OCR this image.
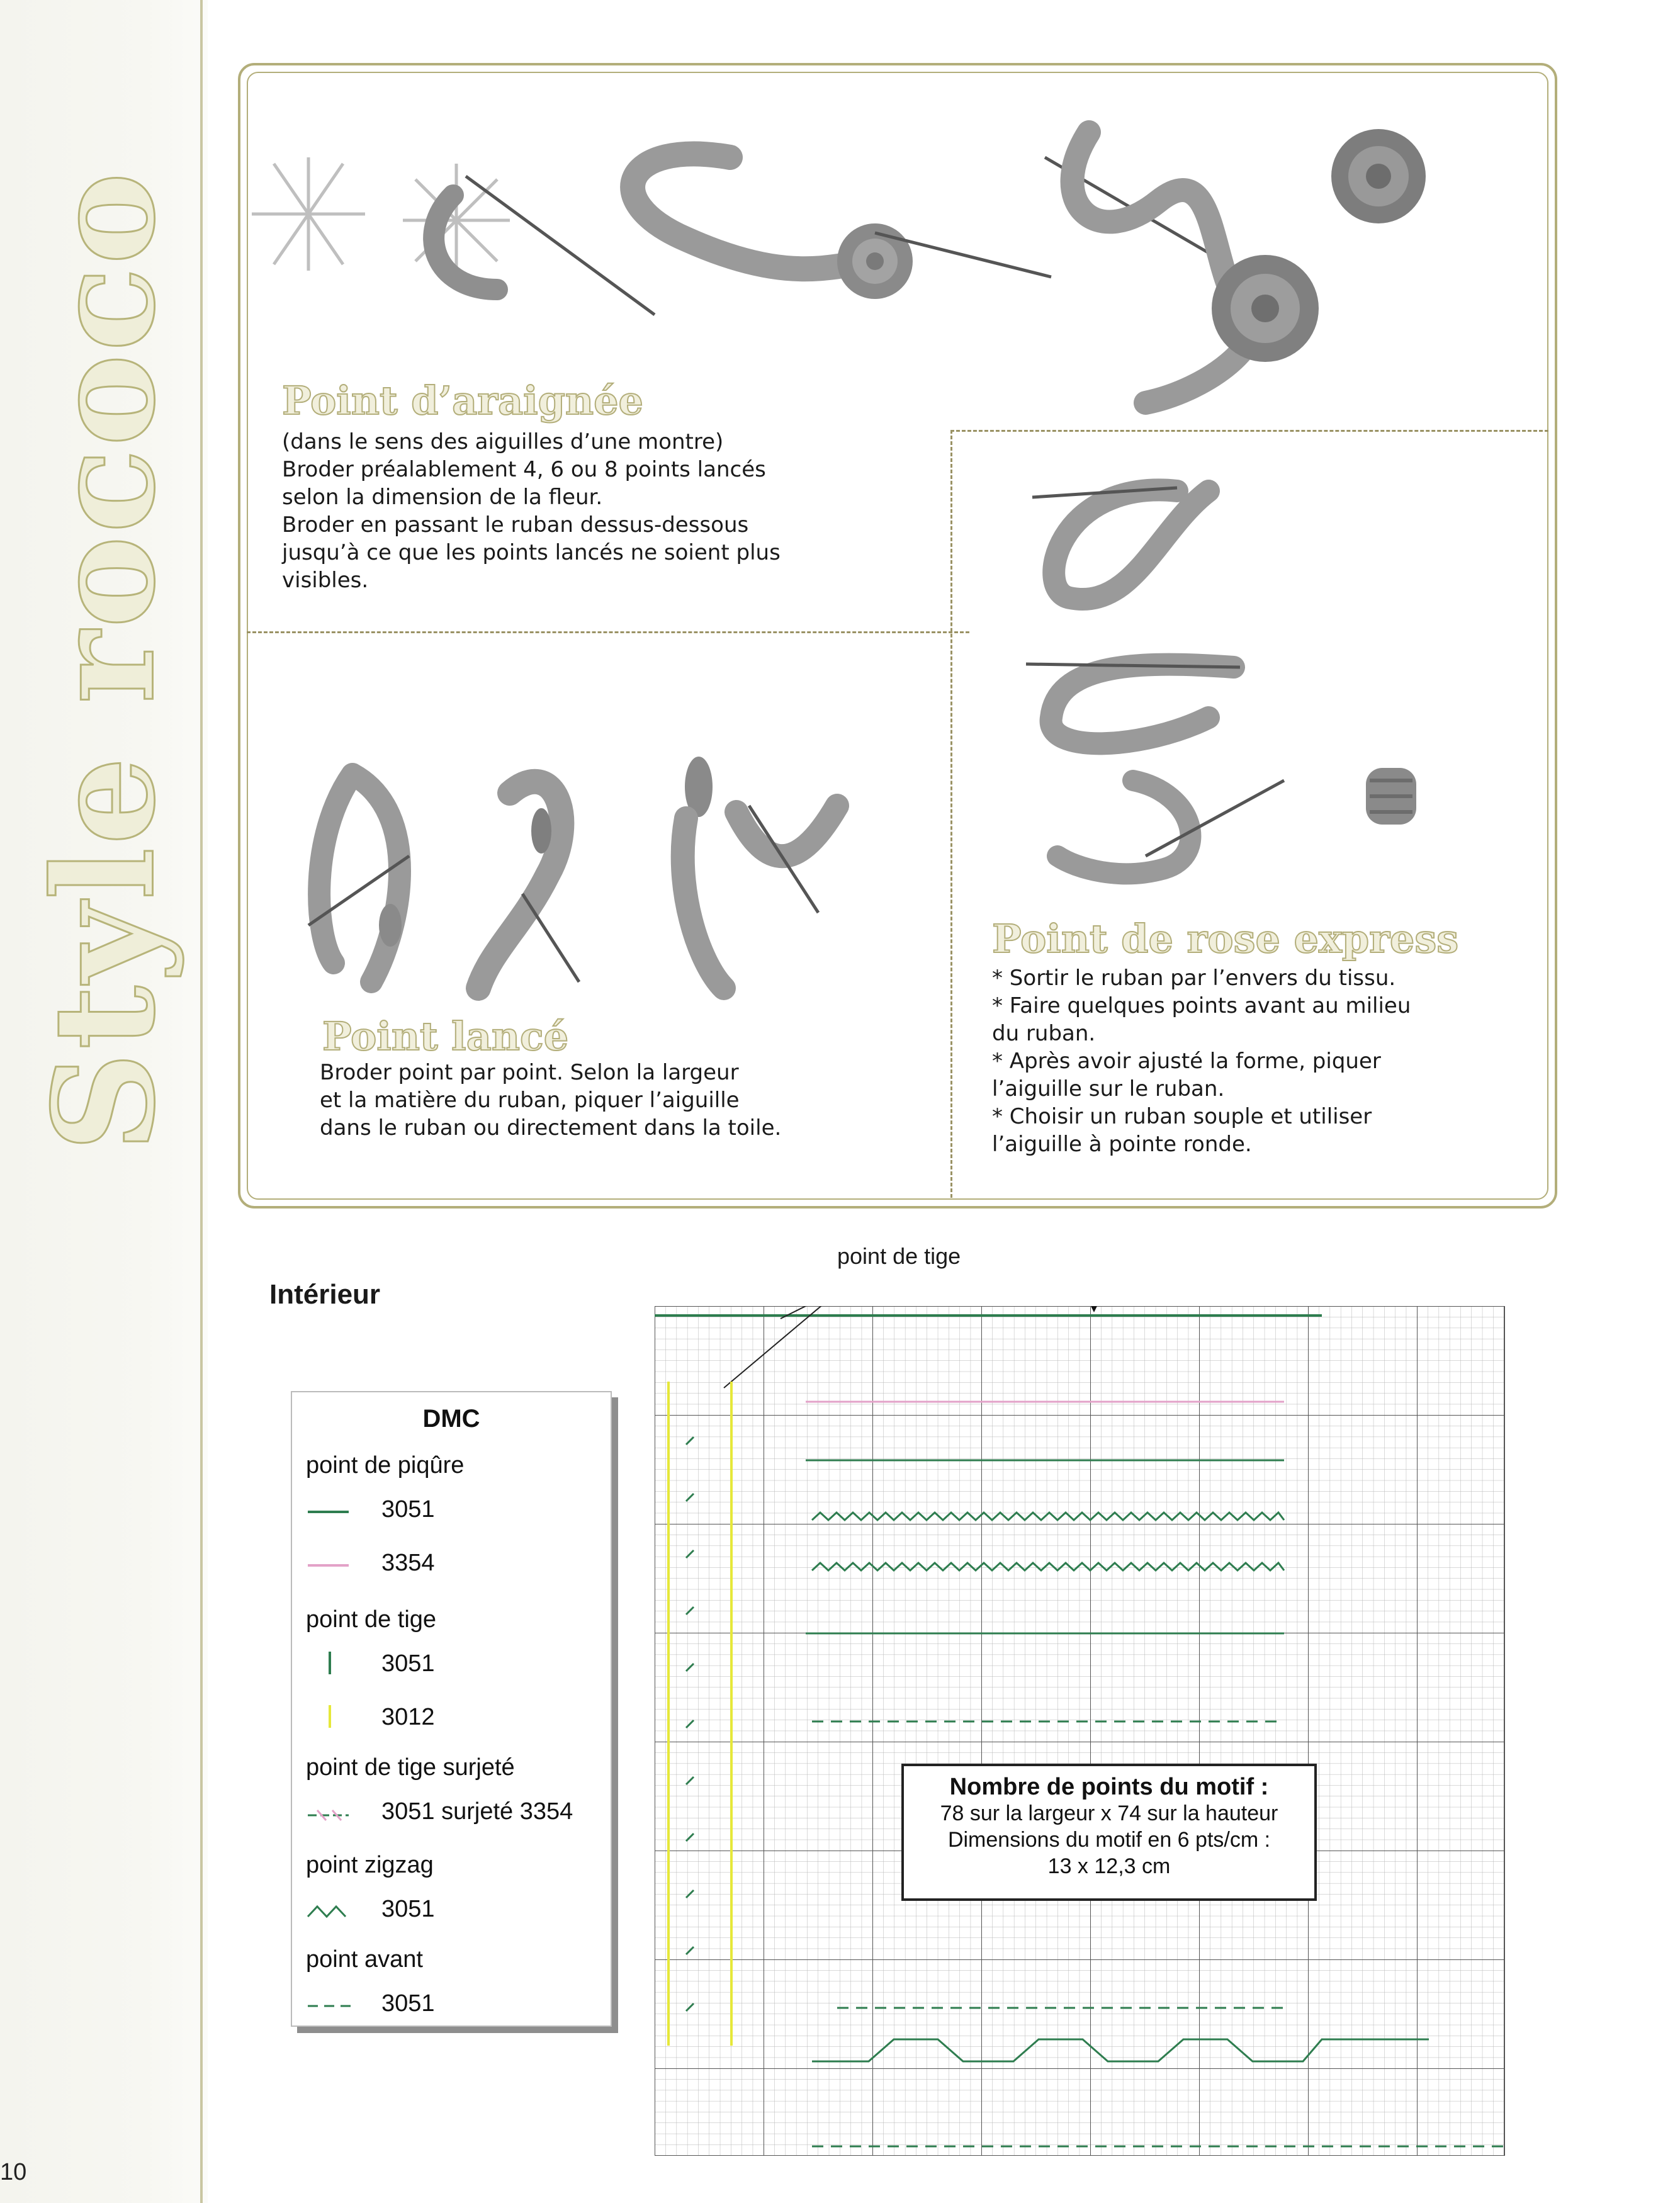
Style rococo
10
Point d’araignée

(dans le sens des aiguilles d’une montre)

Broder préalablement 4, 6 ou 8 points lancés

selon la dimension de la fleur.

Broder en passant le ruban dessus-dessous

jusqu’à ce que les points lancés ne soient plus

visibles.

Point lancé

Broder point par point. Selon la largeur

et la matière du ruban, piquer l’aiguille

dans le ruban ou directement dans la toile.

Point de rose express

* Sortir le ruban par l’envers du tissu.

* Faire quelques points avant au milieu

du ruban.

* Après avoir ajusté la forme, piquer

l’aiguille sur le ruban.

* Choisir un ruban souple et utiliser

l’aiguille à pointe ronde.

Intérieur
point de tige
Nombre de points du motif :
78 sur la largeur x 74 sur la hauteur
Dimensions du motif en 6 pts/cm :
13 x 12,3 cm
DMC
point de piqûre
3051
3354
point de tige
3051
3012
point de tige surjeté
3051 surjeté 3354
point zigzag
3051
point avant
3051
